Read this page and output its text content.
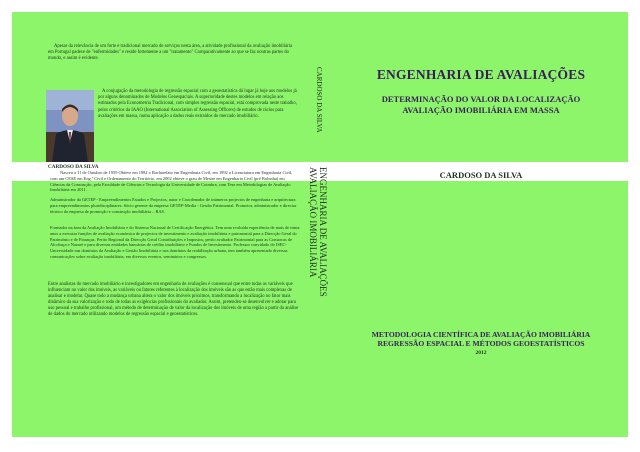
Apesar da relevância de um forte e tradicional mercado de serviços nesta área, a atividade profissional da avaliação imobiliária em Portugal padece de "enfermidades" e reside fortemente a um "tratamento" Comparativamente ao que se faz noutras partes do mundo, e assim é evidente.

A conjugação da metodologia de regressão espacial com a geoestatística dá lugar já hoje aos modelos já por alguns denominados de Modelos Geoespaciais. A superioridade destes modelos em relação aos estimados pela Econometria Tradicional, com simples regressão espacial, está comprovada neste trabalho, pelos critérios da IAAO (International Association of Assessing Officers) de estudos de rácios para avaliações em massa, numa aplicação a dados reais extraídos do mercado imobiliário.

CARDOSO DA SILVA

Nasceu a 11 de Outubro de 1959 Obteve em 1982 o Bacharelato em Engenharia Civil, em 1992 a Licenciatura em Engenharia Civil, com um CESE em Eng.ª Civil e Ordenamento do Território, em 2002 obteve o grau de Mestre em Engenharia Civil (pré Bolonha) em Ciências da Construção, pela Faculdade de Ciências e Tecnologia da Universidade de Coimbra, com Tese em Metodologias de Avaliação Imobiliária em 2011.

Administrador da GETEP - Empreendimentos Estudos e Projectos, autor e Coordenador de inúmeros projectos de engenharia e arquitectura para empreendimentos pluridisciplinares. Sócio gerente da empresa GETEP-Media - Gestão Patrimonial. Promotor, administrador e director técnico da empresa de promoção e construção imobiliária – RAS.

Formador na área da Avaliação Imobiliária e do Sistema Nacional de Certificação Energética. Tem uma evoluída experiência de mais de trinta anos a executar funções de avaliação económica de projectos de investimento e avaliação imobiliária e patrimonial para a Direcção Geral do Património e de Finanças. Perito Regional da Direcção Geral Contribuições e Impostos, perito avaliador Patrimonial para as Comarcas de Alcobaça e Nazaré e para diversas entidades bancárias de crédito imobiliário e Fundos de Investimento. Professor convidado do ISEC-Universidade nas domínios da Avaliação e Gestão Imobiliária e nos domínios da reabilitação urbana, tem também apresentado diversas comunicações sobre avaliação imobiliária, em diversos eventos, seminários e congressos.

Entre analistas do mercado imobiliário e investigadores em engenharia de avaliações é consensual que entre todas as variáveis que influenciam no valor dos imóveis, as variáveis ou fatores referentes à localização dos imóveis são as que estão mais complexas de analisar e modelar. Quase todo a mudança urbana altera o valor dos imóveis próximos, transformando a localização no fator mais dinâmico da sua valorização e rodo de todas as exigências profissionais do avaliador. Assim, pretendeu-se desenvolver e adotar para uso pessoal e trabalho profissional, um método de determinação de valor da localização dos imóveis de uma região a partir da análise de dados do mercado utilizando modelos de regressão espacial e geoestatísticos.

CARDOSO DA SILVA
ENGENHARIA DE AVALIAÇÕES
AVALIAÇÃO IMOBILIÁRIA
ENGENHARIA DE AVALIAÇÕES
DETERMINAÇÃO DO VALOR DA LOCALIZAÇÃO
AVALIAÇÃO IMOBILIÁRIA EM MASSA
CARDOSO DA SILVA
METODOLOGIA CIENTÍFICA DE AVALIAÇÃO IMOBILIÁRIA
REGRESSÃO ESPACIAL E MÉTODOS GEOESTATÍSTICOS
2012
